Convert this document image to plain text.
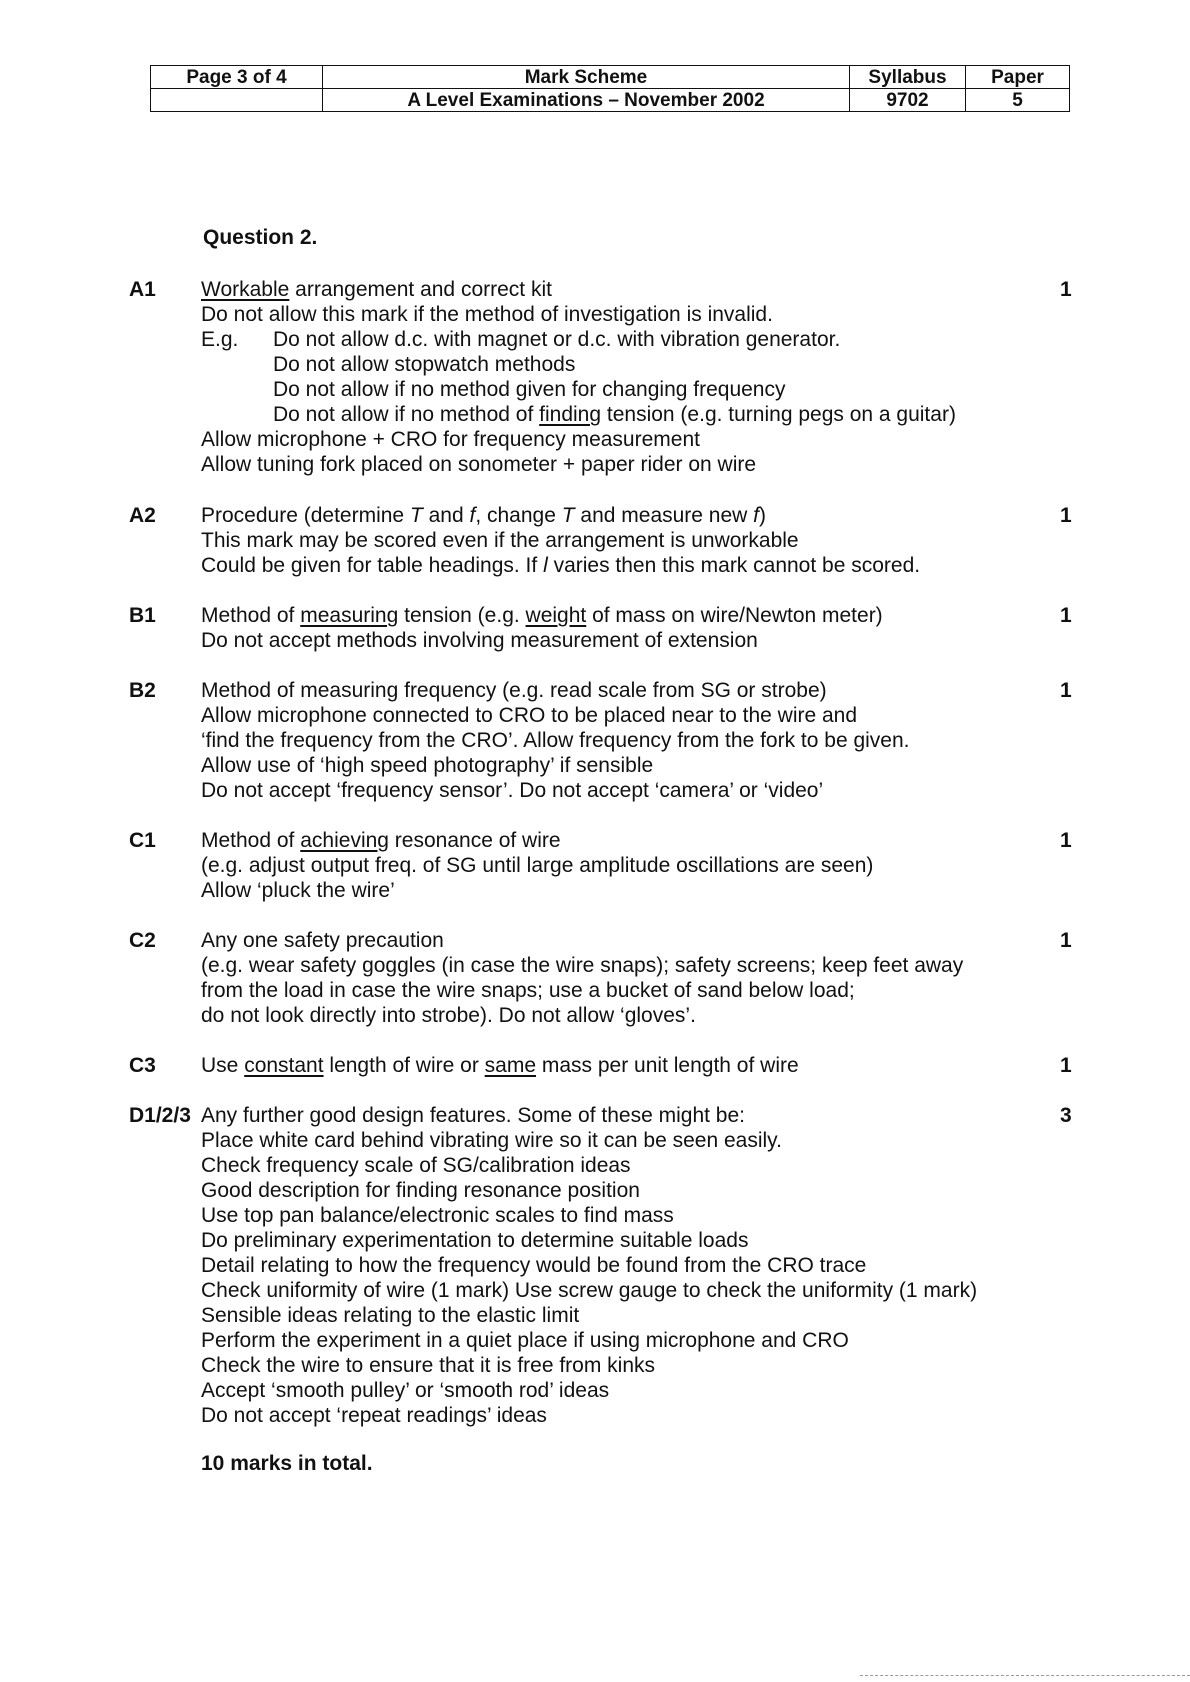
Page 3 of 4	Mark Scheme	Syllabus	Paper
	A Level Examinations – November 2002	9702	5
Question 2.
A1 Workable arrangement and correct kit
Do not allow this mark if the method of investigation is invalid.
E.g. Do not allow d.c. with magnet or d.c. with vibration generator.
Do not allow stopwatch methods
Do not allow if no method given for changing frequency
Do not allow if no method of finding tension (e.g. turning pegs on a guitar)
Allow microphone + CRO for frequency measurement
Allow tuning fork placed on sonometer + paper rider on wire
1
A2 Procedure (determine T and f, change T and measure new f)
This mark may be scored even if the arrangement is unworkable
Could be given for table headings. If l varies then this mark cannot be scored.
1
B1 Method of measuring tension (e.g. weight of mass on wire/Newton meter)
Do not accept methods involving measurement of extension
1
B2 Method of measuring frequency (e.g. read scale from SG or strobe)
Allow microphone connected to CRO to be placed near to the wire and
‘find the frequency from the CRO’. Allow frequency from the fork to be given.
Allow use of ‘high speed photography’ if sensible
Do not accept ‘frequency sensor’. Do not accept ‘camera’ or ‘video’
1
C1 Method of achieving resonance of wire
(e.g. adjust output freq. of SG until large amplitude oscillations are seen)
Allow ‘pluck the wire’
1
C2 Any one safety precaution
(e.g. wear safety goggles (in case the wire snaps); safety screens; keep feet away
from the load in case the wire snaps; use a bucket of sand below load;
do not look directly into strobe). Do not allow ‘gloves’.
1
C3 Use constant length of wire or same mass per unit length of wire	1
D1/2/3 Any further good design features. Some of these might be:
Place white card behind vibrating wire so it can be seen easily.
Check frequency scale of SG/calibration ideas
Good description for finding resonance position
Use top pan balance/electronic scales to find mass
Do preliminary experimentation to determine suitable loads
Detail relating to how the frequency would be found from the CRO trace
Check uniformity of wire (1 mark) Use screw gauge to check the uniformity (1 mark)
Sensible ideas relating to the elastic limit
Perform the experiment in a quiet place if using microphone and CRO
Check the wire to ensure that it is free from kinks
Accept ‘smooth pulley’ or ‘smooth rod’ ideas
Do not accept ‘repeat readings’ ideas
3
10 marks in total.
